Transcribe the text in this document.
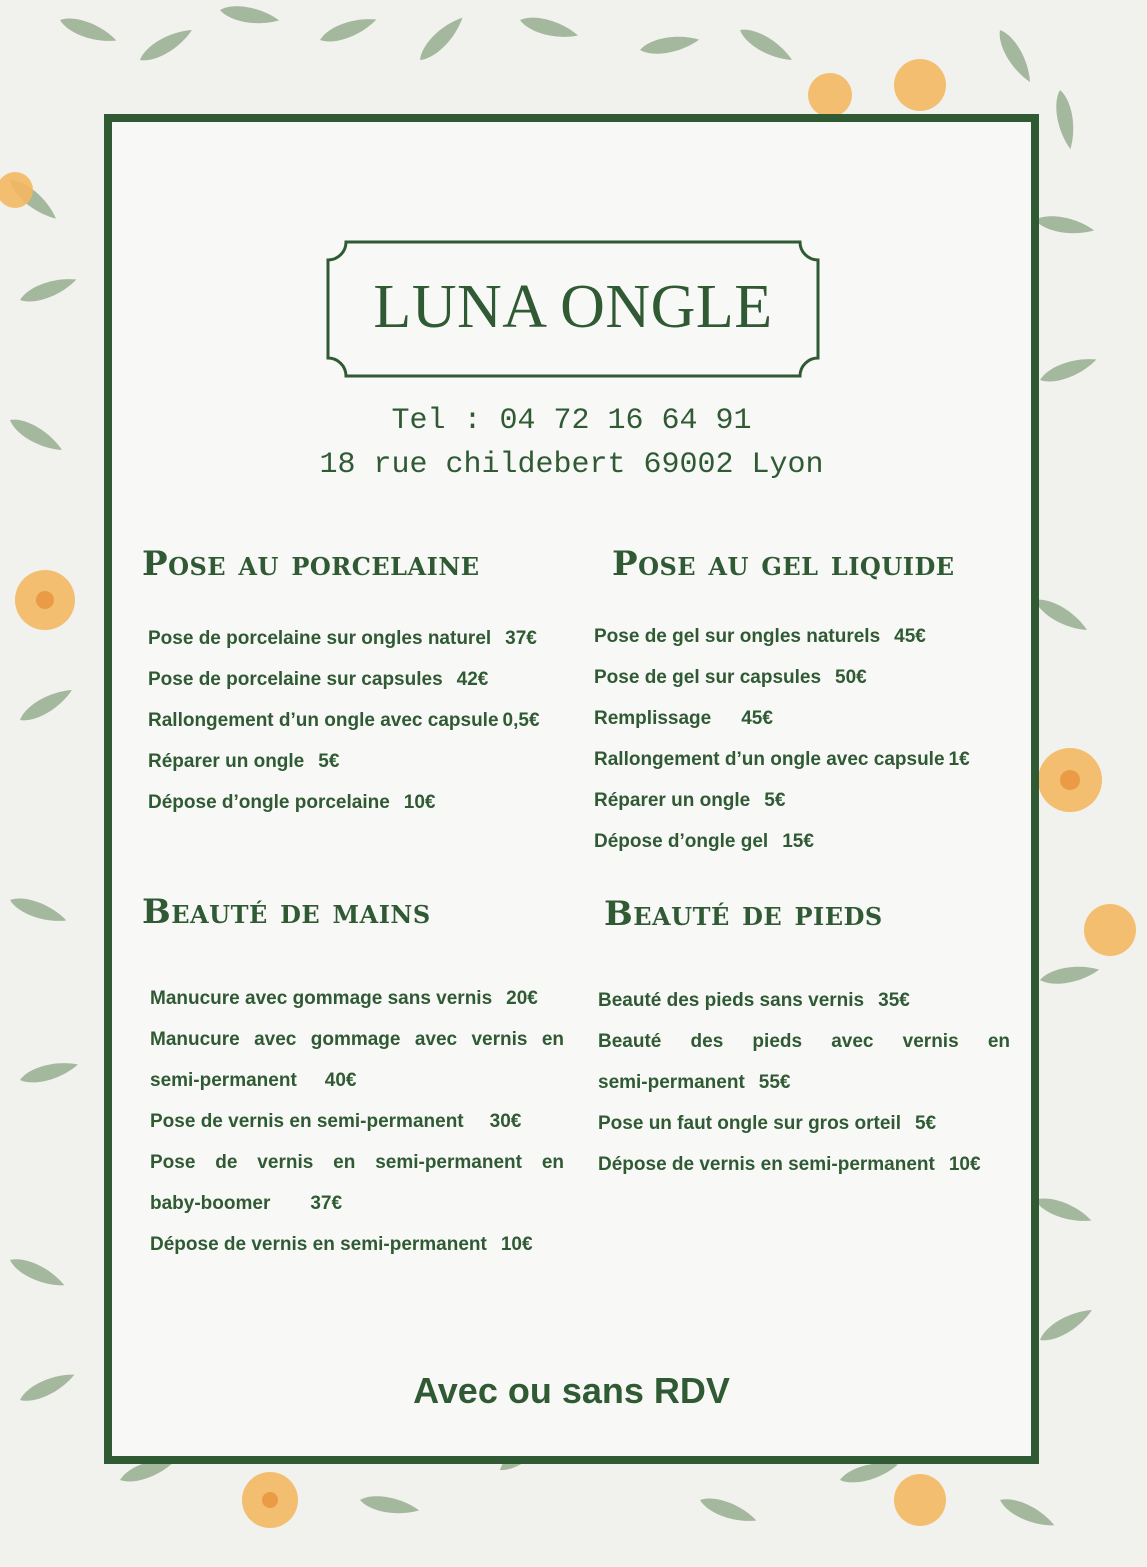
LUNA ONGLE
Tel : 04 72 16 64 91
18 rue childebert 69002 Lyon
Pose au porcelaine
Pose de porcelaine sur ongles naturel 37€
Pose de porcelaine sur capsules 42€
Rallongement d’un ongle avec capsule 0,5€
Réparer un ongle 5€
Dépose d’ongle porcelaine 10€
Pose au gel liquide
Pose de gel sur ongles naturels 45€
Pose de gel sur capsules 50€
Remplissage 45€
Rallongement d’un ongle avec capsule 1€
Réparer un ongle 5€
Dépose d’ongle gel 15€
Beauté de mains
Manucure avec gommage sans vernis 20€
Manucure avec gommage avec vernis en
semi-permanent 40€
Pose de vernis en semi-permanent 30€
Pose de vernis en semi-permanent en
baby-boomer 37€
Dépose de vernis en semi-permanent 10€
Beauté de pieds
Beauté des pieds sans vernis 35€
Beauté des pieds avec vernis en
semi-permanent 55€
Pose un faut ongle sur gros orteil 5€
Dépose de vernis en semi-permanent 10€
Avec ou sans RDV
